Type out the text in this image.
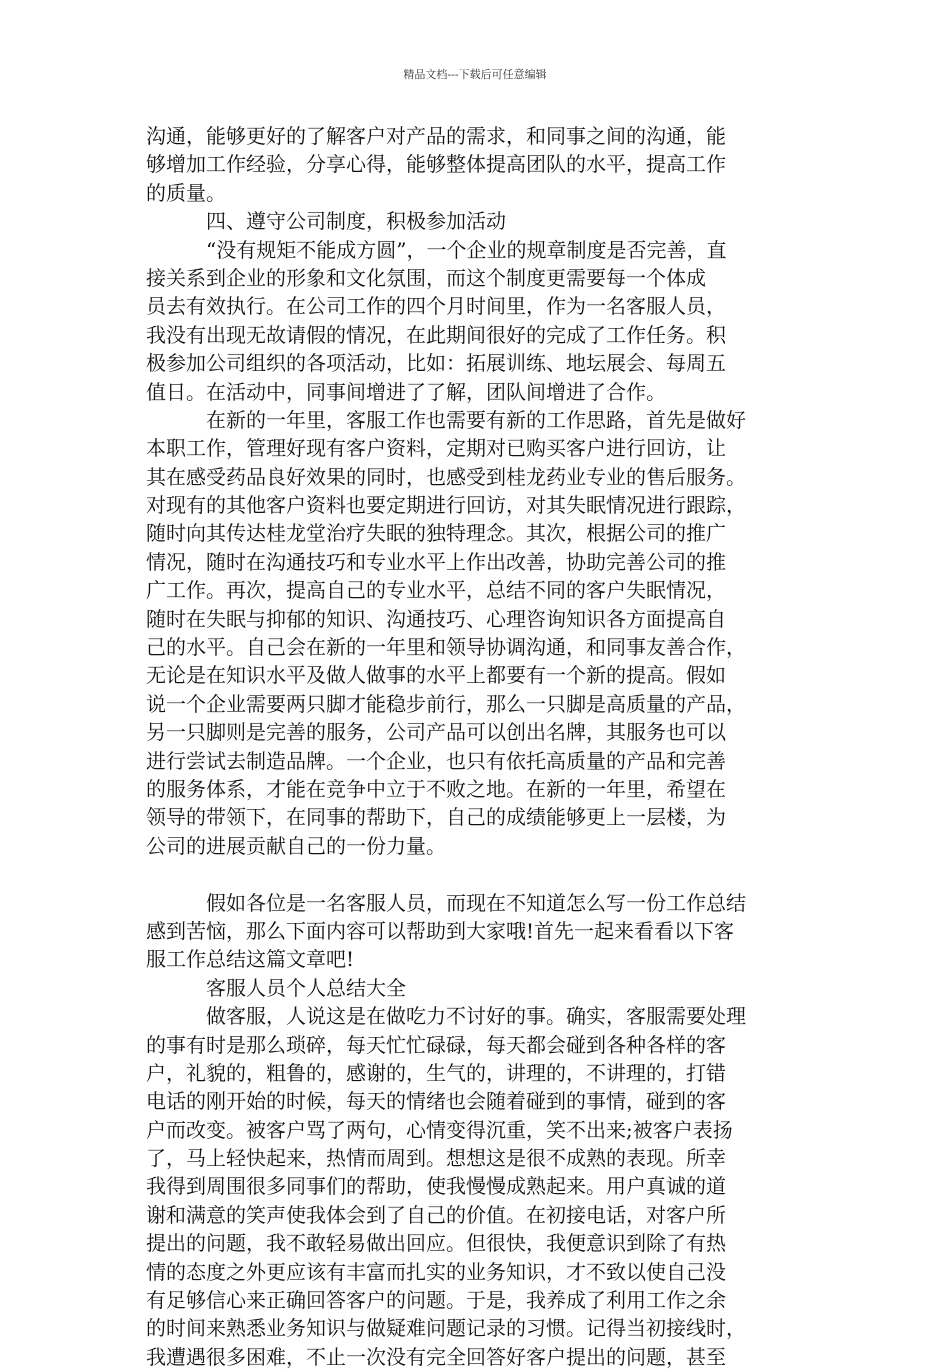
精品文档---下载后可任意编辑
沟通，能够更好的了解客户对产品的需求，和同事之间的沟通，能
够增加工作经验，分享心得，能够整体提高团队的水平，提高工作
的质量。
　　　四、遵守公司制度，积极参加活动
　　　“没有规矩不能成方圆”，一个企业的规章制度是否完善，直
接关系到企业的形象和文化氛围，而这个制度更需要每一个体成
员去有效执行。在公司工作的四个月时间里，作为一名客服人员，
我没有出现无故请假的情况，在此期间很好的完成了工作任务。积
极参加公司组织的各项活动，比如：拓展训练、地坛展会、每周五
值日。在活动中，同事间增进了了解，团队间增进了合作。
　　　在新的一年里，客服工作也需要有新的工作思路，首先是做好
本职工作，管理好现有客户资料，定期对已购买客户进行回访，让
其在感受药品良好效果的同时，也感受到桂龙药业专业的售后服务。
对现有的其他客户资料也要定期进行回访，对其失眠情况进行跟踪，
随时向其传达桂龙堂治疗失眠的独特理念。其次，根据公司的推广
情况，随时在沟通技巧和专业水平上作出改善，协助完善公司的推
广工作。再次，提高自己的专业水平，总结不同的客户失眠情况，
随时在失眠与抑郁的知识、沟通技巧、心理咨询知识各方面提高自
己的水平。自己会在新的一年里和领导协调沟通，和同事友善合作，
无论是在知识水平及做人做事的水平上都要有一个新的提高。假如
说一个企业需要两只脚才能稳步前行，那么一只脚是高质量的产品，
另一只脚则是完善的服务，公司产品可以创出名牌，其服务也可以
进行尝试去制造品牌。一个企业，也只有依托高质量的产品和完善
的服务体系，才能在竞争中立于不败之地。在新的一年里，希望在
领导的带领下，在同事的帮助下，自己的成绩能够更上一层楼，为
公司的进展贡献自己的一份力量。
　　　假如各位是一名客服人员，而现在不知道怎么写一份工作总结
感到苦恼，那么下面内容可以帮助到大家哦!首先一起来看看以下客
服工作总结这篇文章吧!
　　　客服人员个人总结大全
　　　做客服，人说这是在做吃力不讨好的事。确实，客服需要处理
的事有时是那么琐碎，每天忙忙碌碌，每天都会碰到各种各样的客
户，礼貌的，粗鲁的，感谢的，生气的，讲理的，不讲理的，打错
电话的刚开始的时候，每天的情绪也会随着碰到的事情，碰到的客
户而改变。被客户骂了两句，心情变得沉重，笑不出来;被客户表扬
了，马上轻快起来，热情而周到。想想这是很不成熟的表现。所幸
我得到周围很多同事们的帮助，使我慢慢成熟起来。用户真诚的道
谢和满意的笑声使我体会到了自己的价值。在初接电话，对客户所
提出的问题，我不敢轻易做出回应。但很快，我便意识到除了有热
情的态度之外更应该有丰富而扎实的业务知识，才不致以使自己没
有足够信心来正确回答客户的问题。于是，我养成了利用工作之余
的时间来熟悉业务知识与做疑难问题记录的习惯。记得当初接线时，
我遭遇很多困难，不止一次没有完全回答好客户提出的问题，甚至
